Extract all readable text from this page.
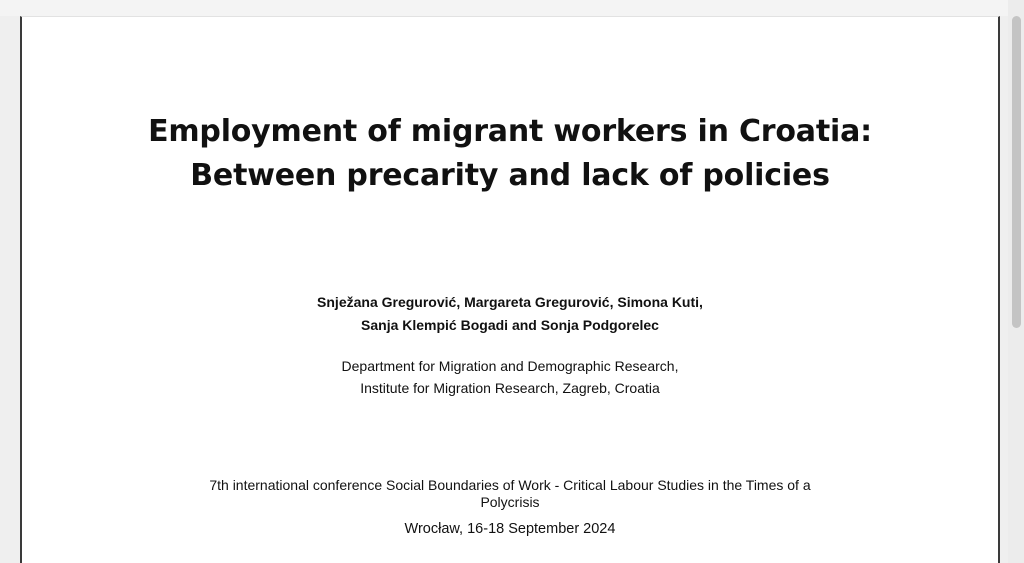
Employment of migrant workers in Croatia:
Between precarity and lack of policies
Snježana Gregurović, Margareta Gregurović, Simona Kuti,
Sanja Klempić Bogadi and Sonja Podgorelec
Department for Migration and Demographic Research,
Institute for Migration Research, Zagreb, Croatia
7th international conference Social Boundaries of Work - Critical Labour Studies in the Times of a
Polycrisis
Wrocław, 16-18 September 2024
